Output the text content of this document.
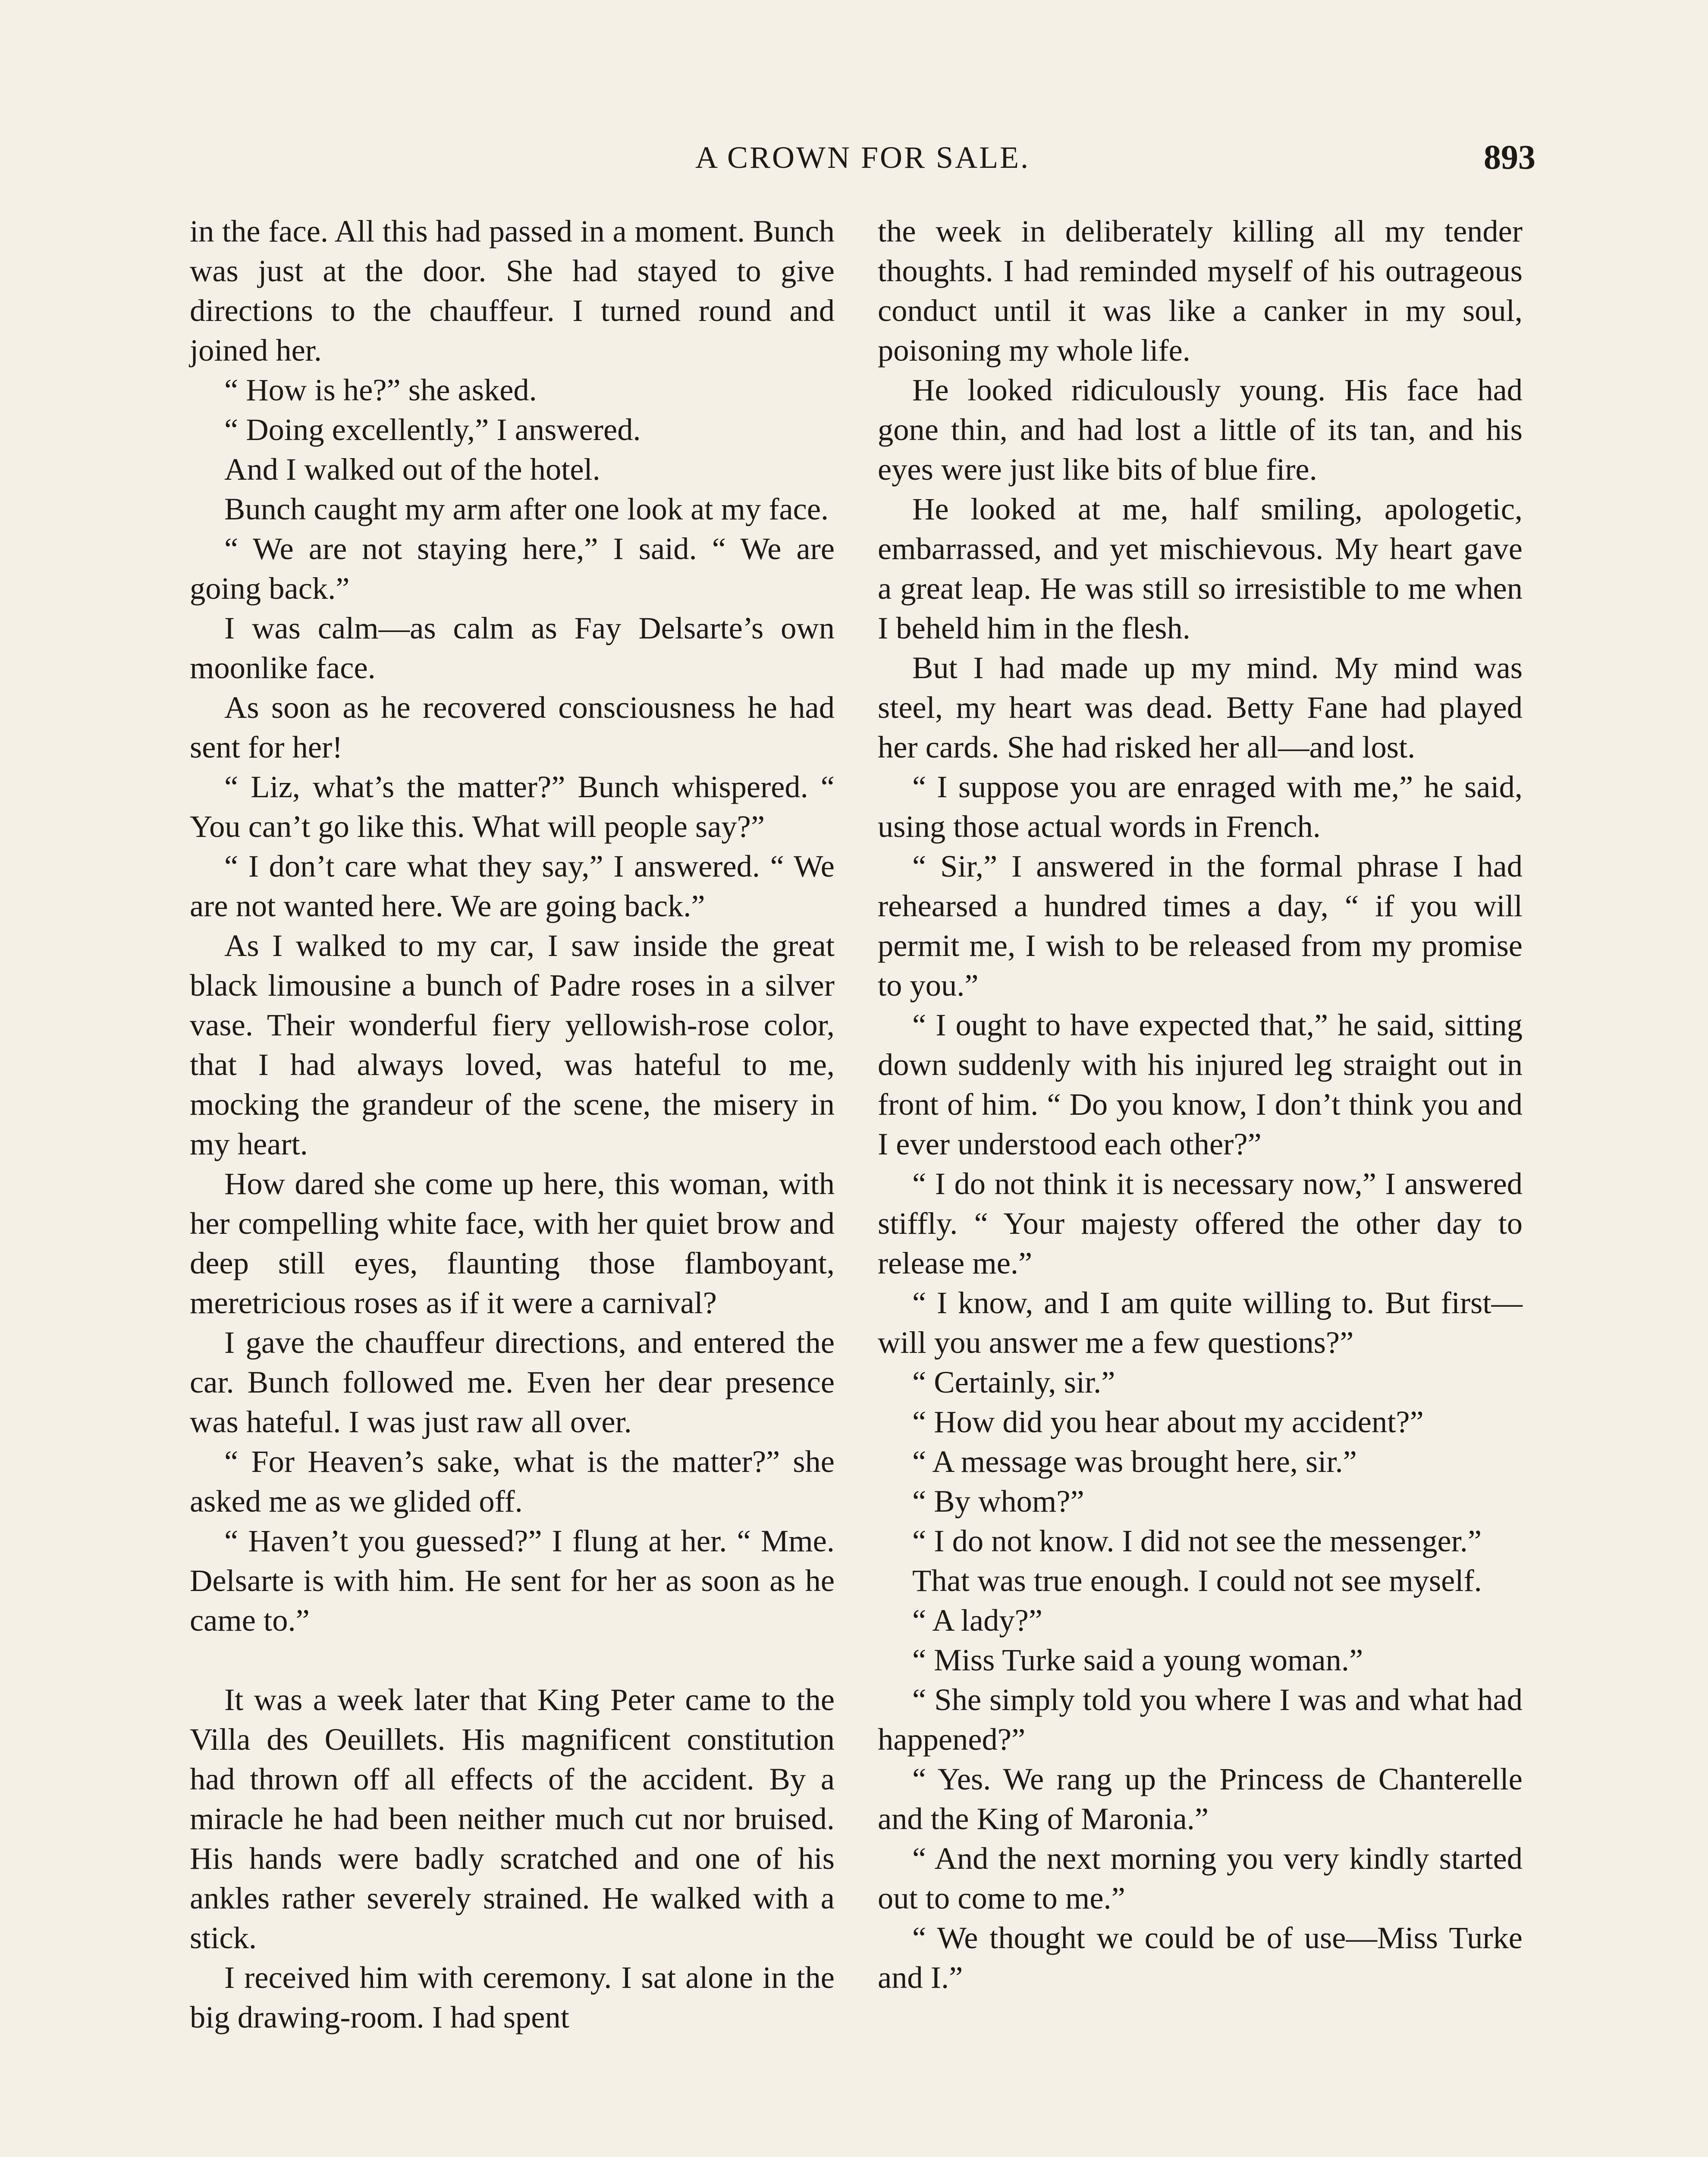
A CROWN FOR SALE.	893

in the face. All this had passed in a moment. Bunch was just at the door. She had stayed to give directions to the chauffeur. I turned round and joined her.

“ How is he?” she asked.

“ Doing excellently,” I answered.

And I walked out of the hotel.

Bunch caught my arm after one look at my face.

“ We are not staying here,” I said. “ We are going back.”

I was calm—as calm as Fay Delsarte’s own moonlike face.

As soon as he recovered consciousness he had sent for her!

“ Liz, what’s the matter?” Bunch whispered. “ You can’t go like this. What will people say?”

“ I don’t care what they say,” I answered. “ We are not wanted here. We are going back.”

As I walked to my car, I saw inside the great black limousine a bunch of Padre roses in a silver vase. Their wonderful fiery yellowish-rose color, that I had always loved, was hateful to me, mocking the grandeur of the scene, the misery in my heart.

How dared she come up here, this woman, with her compelling white face, with her quiet brow and deep still eyes, flaunting those flamboyant, meretricious roses as if it were a carnival?

I gave the chauffeur directions, and entered the car. Bunch followed me. Even her dear presence was hateful. I was just raw all over.

“ For Heaven’s sake, what is the matter?” she asked me as we glided off.

“ Haven’t you guessed?” I flung at her. “ Mme. Delsarte is with him. He sent for her as soon as he came to.”

It was a week later that King Peter came to the Villa des Oeuillets. His magnificent constitution had thrown off all effects of the accident. By a miracle he had been neither much cut nor bruised. His hands were badly scratched and one of his ankles rather severely strained. He walked with a stick.

I received him with ceremony. I sat alone in the big drawing-room. I had spent

the week in deliberately killing all my tender thoughts. I had reminded myself of his outrageous conduct until it was like a canker in my soul, poisoning my whole life.

He looked ridiculously young. His face had gone thin, and had lost a little of its tan, and his eyes were just like bits of blue fire.

He looked at me, half smiling, apologetic, embarrassed, and yet mischievous. My heart gave a great leap. He was still so irresistible to me when I beheld him in the flesh.

But I had made up my mind. My mind was steel, my heart was dead. Betty Fane had played her cards. She had risked her all—and lost.

“ I suppose you are enraged with me,” he said, using those actual words in French.

“ Sir,” I answered in the formal phrase I had rehearsed a hundred times a day, “ if you will permit me, I wish to be released from my promise to you.”

“ I ought to have expected that,” he said, sitting down suddenly with his injured leg straight out in front of him. “ Do you know, I don’t think you and I ever understood each other?”

“ I do not think it is necessary now,” I answered stiffly. “ Your majesty offered the other day to release me.”

“ I know, and I am quite willing to. But first—will you answer me a few questions?”

“ Certainly, sir.”

“ How did you hear about my accident?”

“ A message was brought here, sir.”

“ By whom?”

“ I do not know. I did not see the messenger.”

That was true enough. I could not see myself.

“ A lady?”

“ Miss Turke said a young woman.”

“ She simply told you where I was and what had happened?”

“ Yes. We rang up the Princess de Chanterelle and the King of Maronia.”

“ And the next morning you very kindly started out to come to me.”

“ We thought we could be of use—Miss Turke and I.”
